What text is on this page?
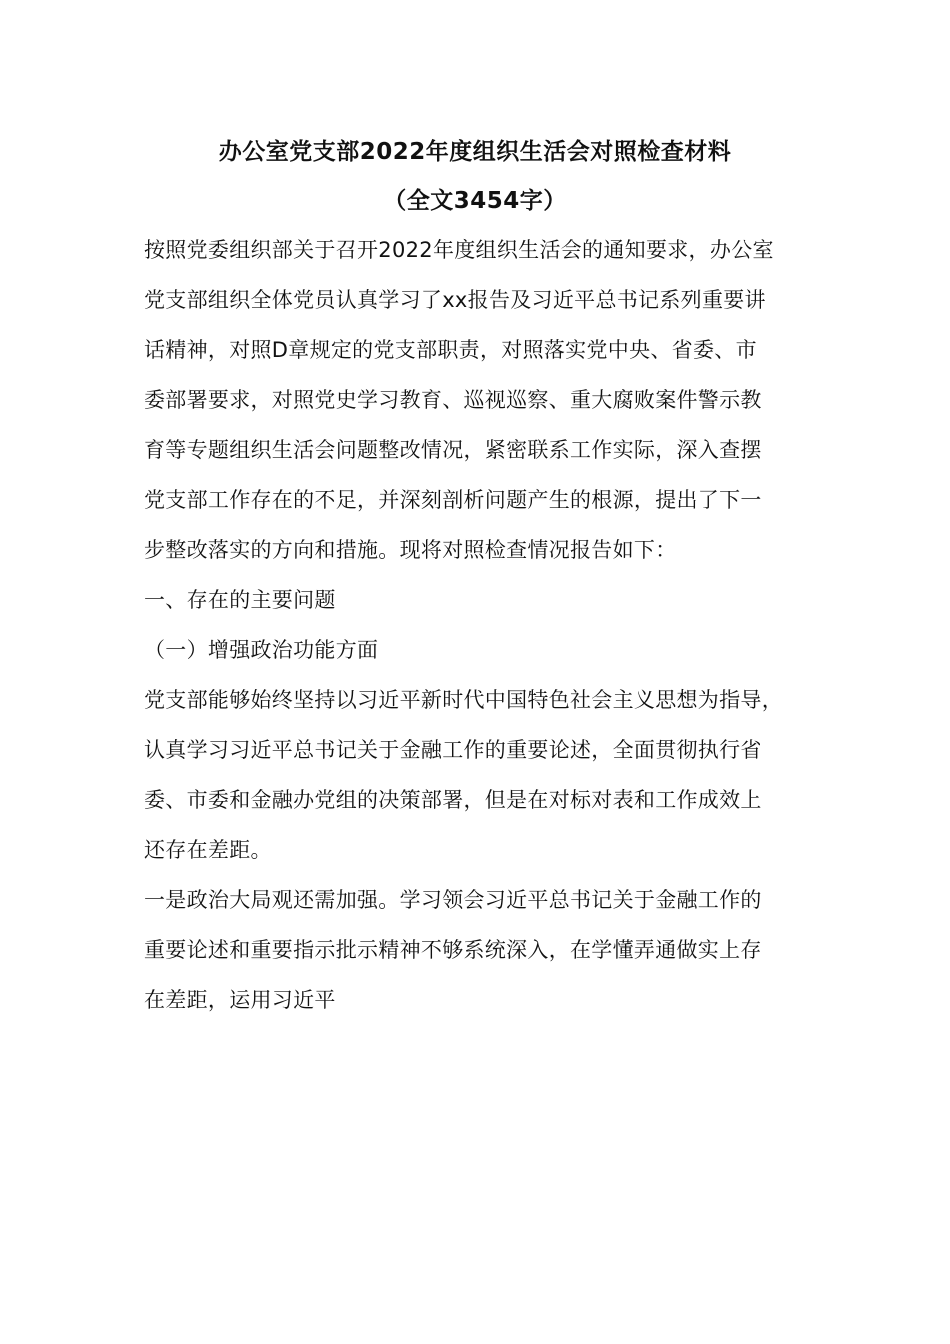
办公室党支部2022年度组织生活会对照检查材料
（全文3454字）
按照党委组织部关于召开2022年度组织生活会的通知要求，办公室
党支部组织全体党员认真学习了xx报告及习近平总书记系列重要讲
话精神，对照D章规定的党支部职责，对照落实党中央、省委、市
委部署要求，对照党史学习教育、巡视巡察、重大腐败案件警示教
育等专题组织生活会问题整改情况，紧密联系工作实际，深入查摆
党支部工作存在的不足，并深刻剖析问题产生的根源，提出了下一
步整改落实的方向和措施。现将对照检查情况报告如下：
一、存在的主要问题
（一）增强政治功能方面
党支部能够始终坚持以习近平新时代中国特色社会主义思想为指导，
认真学习习近平总书记关于金融工作的重要论述，全面贯彻执行省
委、市委和金融办党组的决策部署，但是在对标对表和工作成效上
还存在差距。
一是政治大局观还需加强。学习领会习近平总书记关于金融工作的
重要论述和重要指示批示精神不够系统深入，在学懂弄通做实上存
在差距，运用习近平
